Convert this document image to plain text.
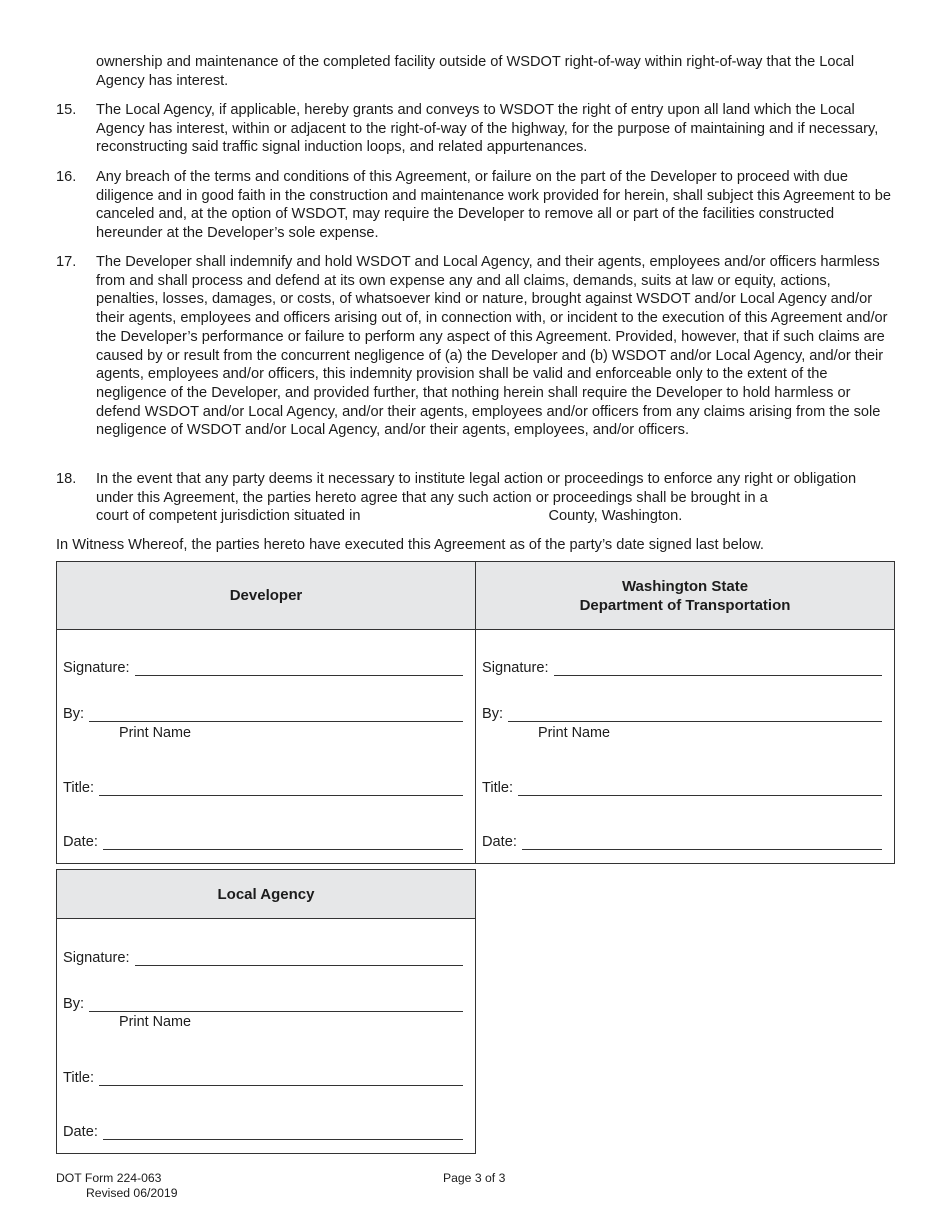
ownership and maintenance of the completed facility outside of WSDOT right-of-way within right-of-way that the Local Agency has interest.

15. The Local Agency, if applicable, hereby grants and conveys to WSDOT the right of entry upon all land which the Local Agency has interest, within or adjacent to the right-of-way of the highway, for the purpose of maintaining and if necessary, reconstructing said traffic signal induction loops, and related appurtenances.

16. Any breach of the terms and conditions of this Agreement, or failure on the part of the Developer to proceed with due diligence and in good faith in the construction and maintenance work provided for herein, shall subject this Agreement to be canceled and, at the option of WSDOT, may require the Developer to remove all or part of the facilities constructed hereunder at the Developer’s sole expense.

17. The Developer shall indemnify and hold WSDOT and Local Agency, and their agents, employees and/or officers harmless from and shall process and defend at its own expense any and all claims, demands, suits at law or equity, actions, penalties, losses, damages, or costs, of whatsoever kind or nature, brought against WSDOT and/or Local Agency and/or their agents, employees and officers arising out of, in connection with, or incident to the execution of this Agreement and/or the Developer’s performance or failure to perform any aspect of this Agreement. Provided, however, that if such claims are caused by or result from the concurrent negligence of (a) the Developer and (b) WSDOT and/or Local Agency, and/or their agents, employees and/or officers, this indemnity provision shall be valid and enforceable only to the extent of the negligence of the Developer, and provided further, that nothing herein shall require the Developer to hold harmless or defend WSDOT and/or Local Agency, and/or their agents, employees and/or officers from any claims arising from the sole negligence of WSDOT and/or Local Agency, and/or their agents, employees, and/or officers.

18. In the event that any party deems it necessary to institute legal action or proceedings to enforce any right or obligation under this Agreement, the parties hereto agree that any such action or proceedings shall be brought in a
court of competent jurisdiction situated in	County, Washington.
In Witness Whereof, the parties hereto have executed this Agreement as of the party’s date signed last below.
Developer
Signature:
By:
Print Name
Title:
Date:
Washington State
Department of Transportation
Signature:
By:
Print Name
Title:
Date:
Local Agency
Signature:
By:
Print Name
Title:
Date:
DOT Form 224-063
Revised 06/2019
Page 3 of 3
